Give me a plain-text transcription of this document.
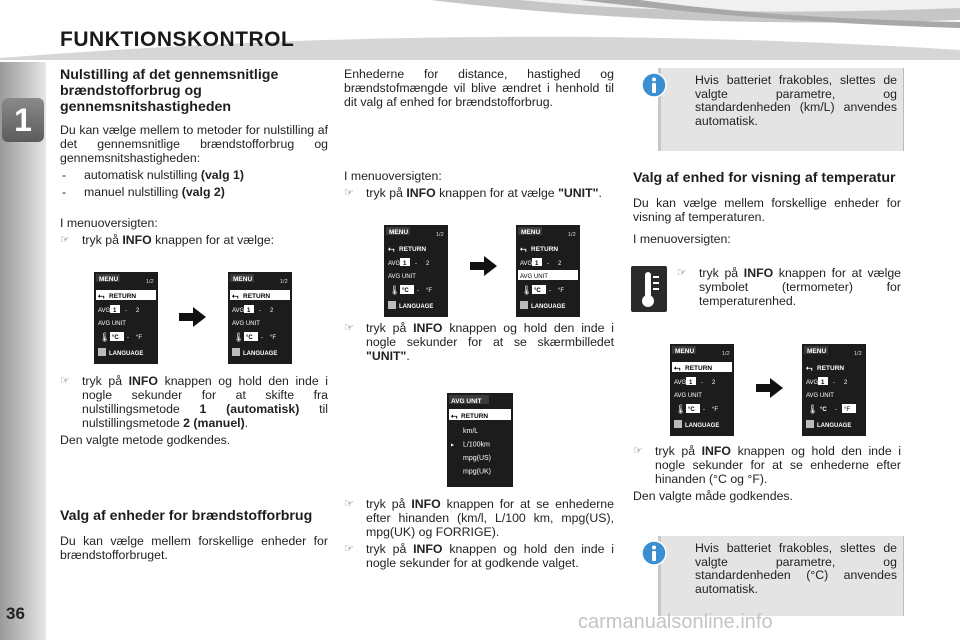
FUNKTIONSKONTROL
1
36
Nulstilling af det gennemsnitlige brændstofforbrug og gennemsnitshastigheden

Du kan vælge mellem to metoder for nulstilling af det gennemsnitlige brændstofforbrug og gennemsnitshastigheden:

- automatisk nulstilling (valg 1)

- manuel nulstilling (valg 2)

I menuoversigten:

☞ tryk på INFO knappen for at vælge:

☞ tryk på INFO knappen og hold den inde i nogle sekunder for at skifte fra nulstillingsmetode 1 (automatisk) til nulstillingsmetode 2 (manuel).

Den valgte metode godkendes.

Valg af enheder for brændstofforbrug

Du kan vælge mellem forskellige enheder for brændstofforbruget.

Enhederne for distance, hastighed og brændstofmængde vil blive ændret i henhold til dit valg af enhed for brændstofforbrug.

I menuoversigten:

☞ tryk på INFO knappen for at vælge "UNIT".

☞ tryk på INFO knappen og hold den inde i nogle sekunder for at se skærmbilledet "UNIT".

☞ tryk på INFO knappen for at se enhederne efter hinanden (km/l, L/100 km, mpg(US), mpg(UK) og FORRIGE).

☞ tryk på INFO knappen og hold den inde i nogle sekunder for at godkende valget.

Hvis batteriet frakobles, slettes de valgte parametre, og standardenheden (km/L) anvendes automatisk.
Valg af enhed for visning af temperatur

Du kan vælge mellem forskellige enheder for visning af temperaturen.

I menuoversigten:

☞ tryk på INFO knappen for at vælge symbolet (termometer) for temperaturenhed.

☞ tryk på INFO knappen og hold den inde i nogle sekunder for at se enhederne efter hinanden (°C og °F).

Den valgte måde godkendes.

Hvis batteriet frakobles, slettes de valgte parametre, og standardenheden (°C) anvendes automatisk.
carmanualsonline.info
MENU	1/2
⮢ RETURN
AVG 1 - 2
AVG UNIT
🌡 °C - °F
LANGUAGE
MENU	1/2
⮢ RETURN
AVG 1 - 2
AVG UNIT
🌡 °C - °F
LANGUAGE
MENU	1/2
⮢ RETURN
AVG 1 - 2
AVG UNIT
🌡 °C - °F
LANGUAGE
MENU	1/2
⮢ RETURN
AVG 1 - 2
AVG UNIT
🌡 °C - °F
LANGUAGE
MENU	1/2
⮢ RETURN
AVG 1 - 2
AVG UNIT
🌡 °C - °F
LANGUAGE
MENU	1/2
⮢ RETURN
AVG 1 - 2
AVG UNIT
🌡 °C - °F
LANGUAGE
AVG UNIT
⮢ RETURN
km/L
▸ L/100km
mpg(US)
mpg(UK)
